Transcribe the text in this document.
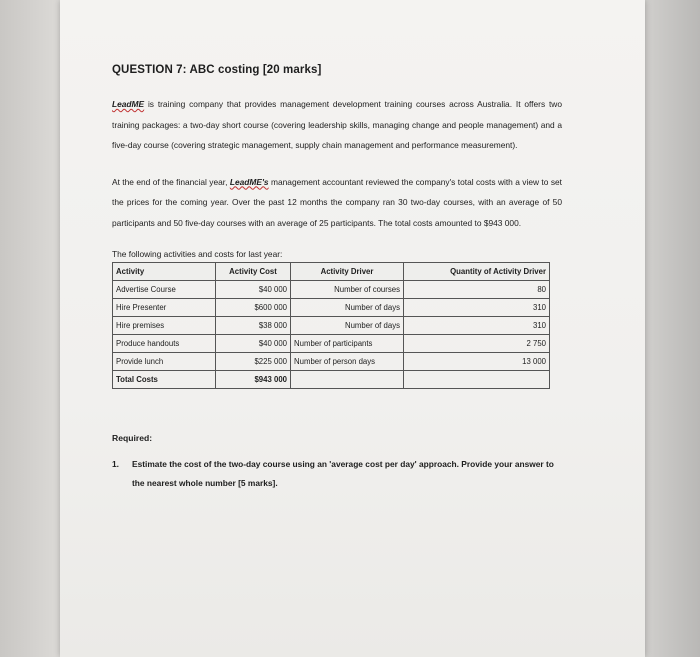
QUESTION 7: ABC costing [20 marks]

LeadME is training company that provides management development training courses across Australia. It offers two training packages: a two-day short course (covering leadership skills, managing change and people management) and a five-day course (covering strategic management, supply chain management and performance measurement).

At the end of the financial year, LeadME's management accountant reviewed the company's total costs with a view to set the prices for the coming year. Over the past 12 months the company ran 30 two-day courses, with an average of 50 participants and 50 five-day courses with an average of 25 participants. The total costs amounted to $943 000.

The following activities and costs for last year:
Activity	Activity Cost	Activity Driver	Quantity of Activity Driver
Advertise Course	$40 000	Number of courses	80
Hire Presenter	$600 000	Number of days	310
Hire premises	$38 000	Number of days	310
Produce handouts	$40 000	Number of participants	2 750
Provide lunch	$225 000	Number of person days	13 000
Total Costs	$943 000		
Required:
1.	Estimate the cost of the two-day course using an 'average cost per day' approach. Provide your answer to the nearest whole number [5 marks].
